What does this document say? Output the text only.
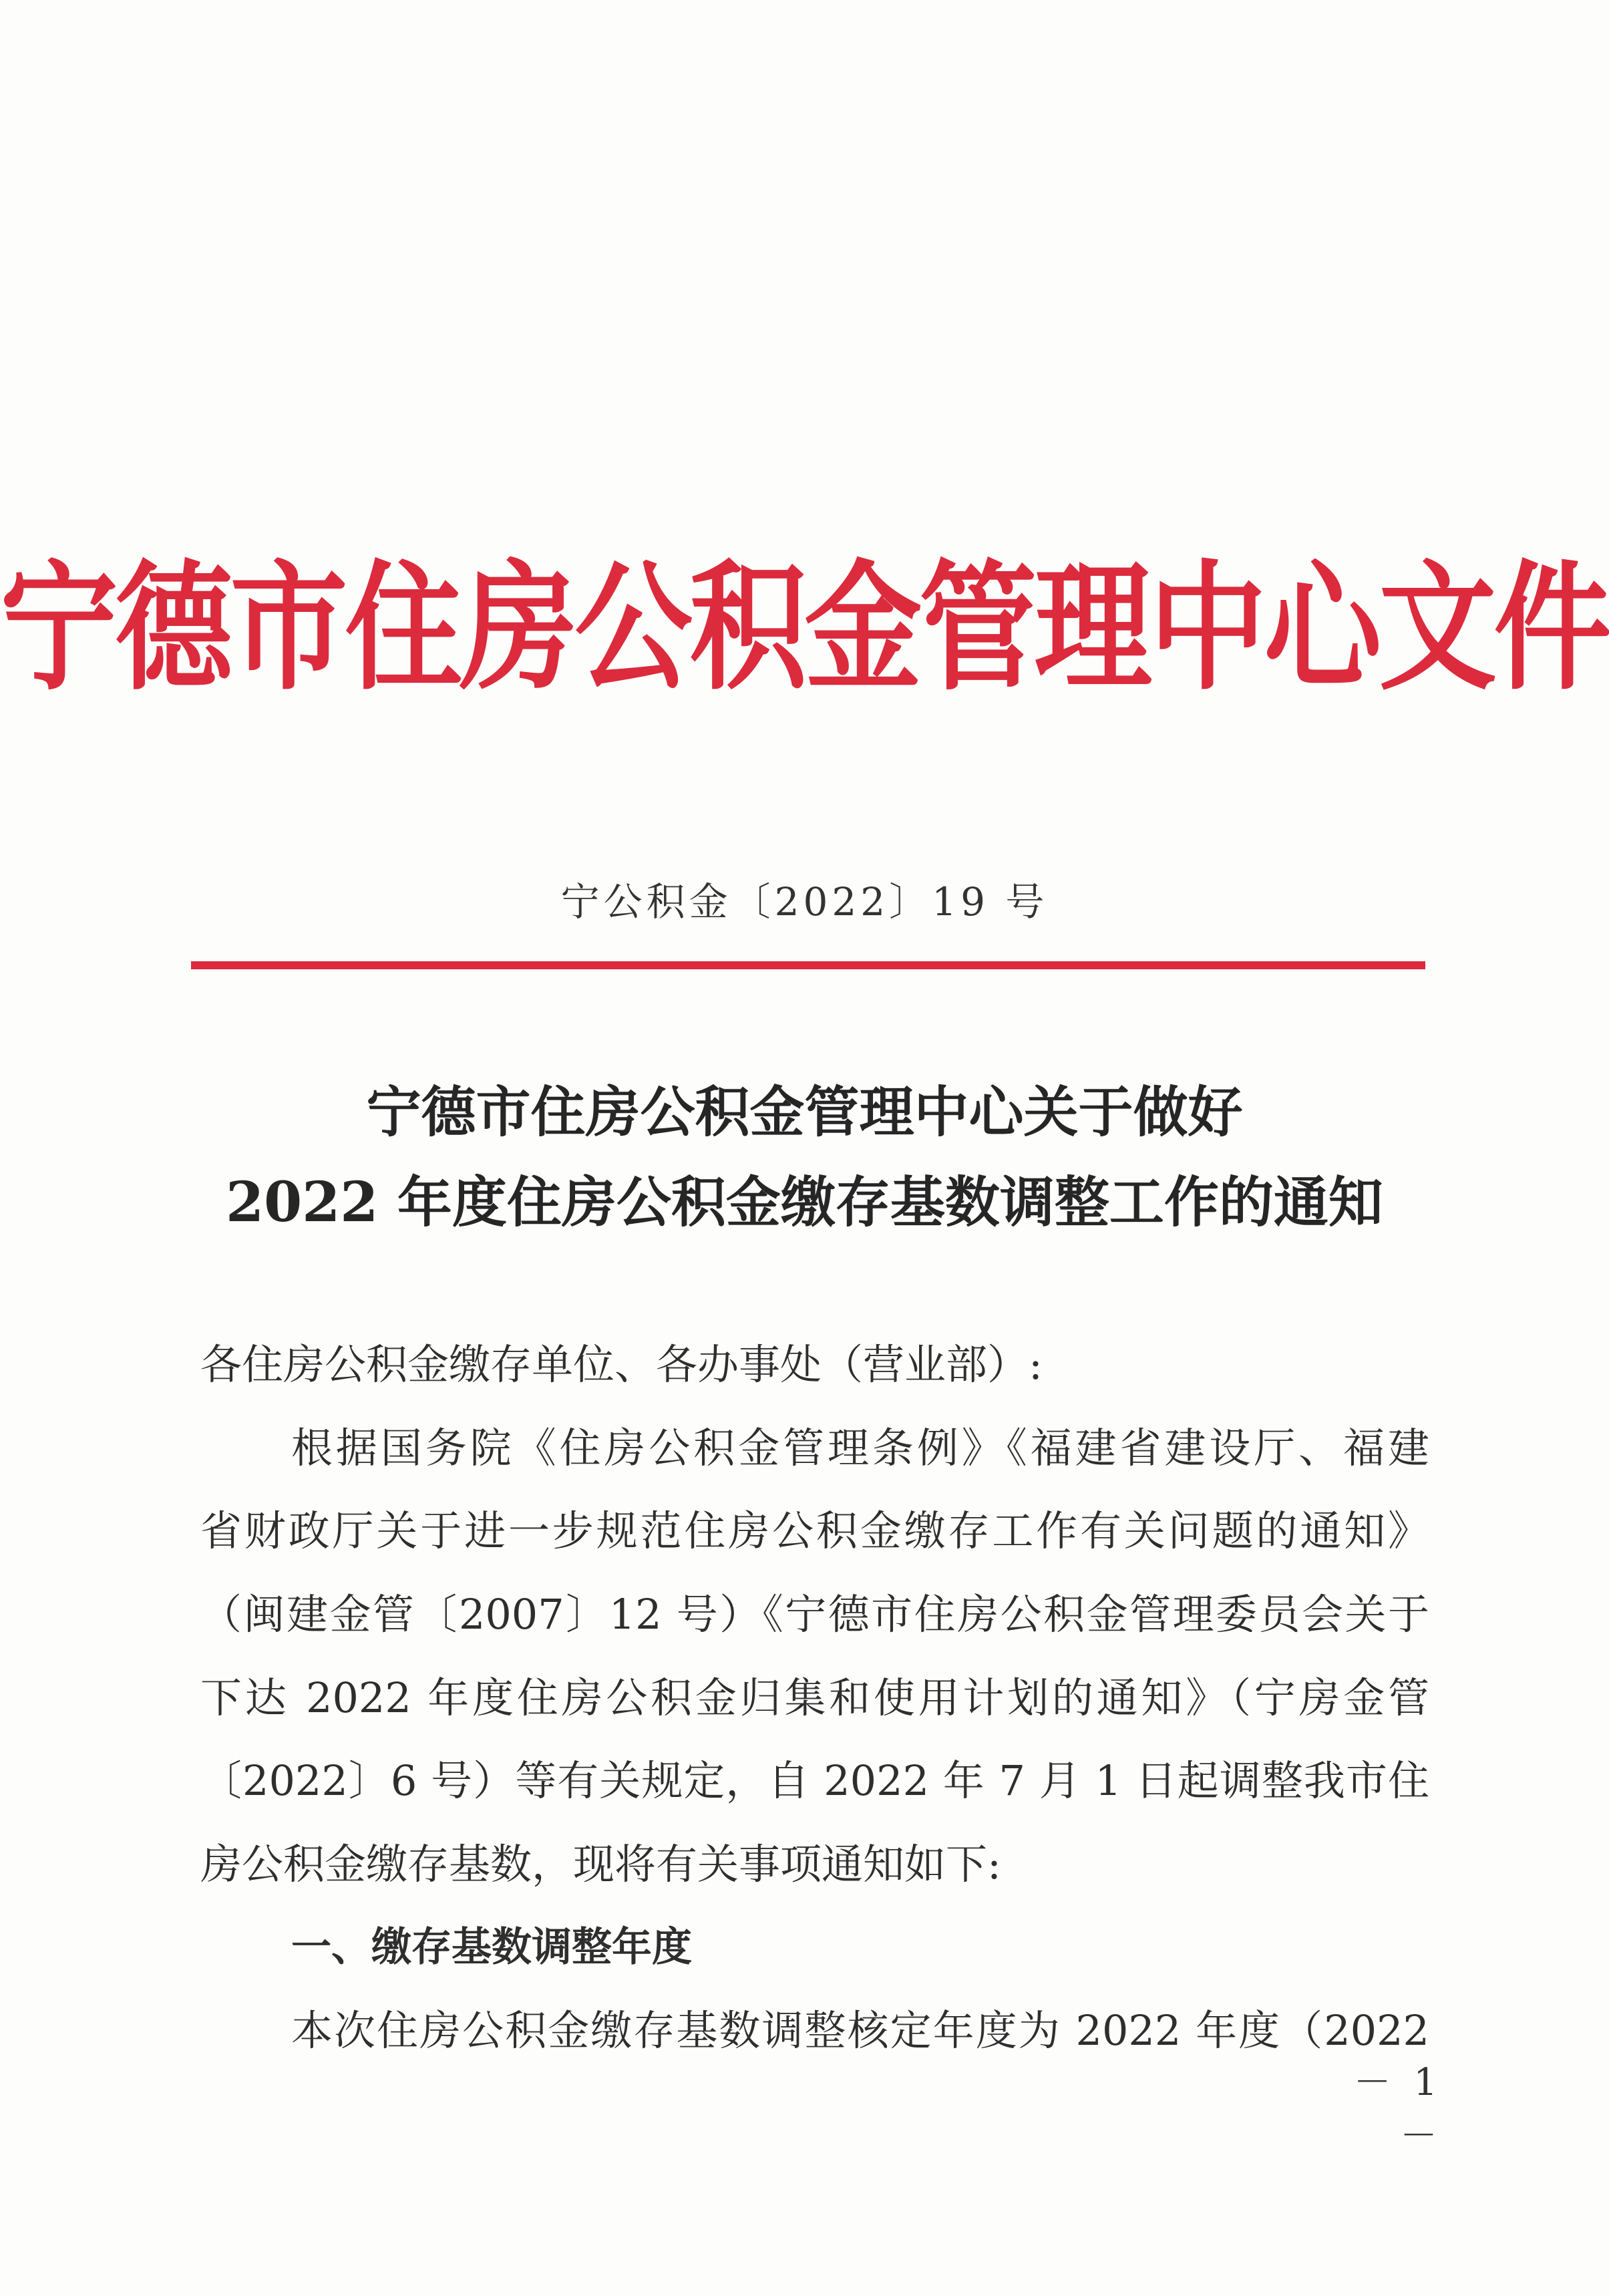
宁德市住房公积金管理中心文件
宁公积金〔2022〕19 号
宁德市住房公积金管理中心关于做好
2022 年度住房公积金缴存基数调整工作的通知
各住房公积金缴存单位、各办事处（营业部）:
根据国务院《住房公积金管理条例》《福建省建设厅、福建
省财政厅关于进一步规范住房公积金缴存工作有关问题的通知》
（闽建金管〔2007〕12 号）《宁德市住房公积金管理委员会关于
下达 2022 年度住房公积金归集和使用计划的通知》（宁房金管
〔2022〕6 号）等有关规定，自 2022 年 7 月 1 日起调整我市住
房公积金缴存基数，现将有关事项通知如下:
一、缴存基数调整年度
本次住房公积金缴存基数调整核定年度为 2022 年度（2022
－ 1 －
